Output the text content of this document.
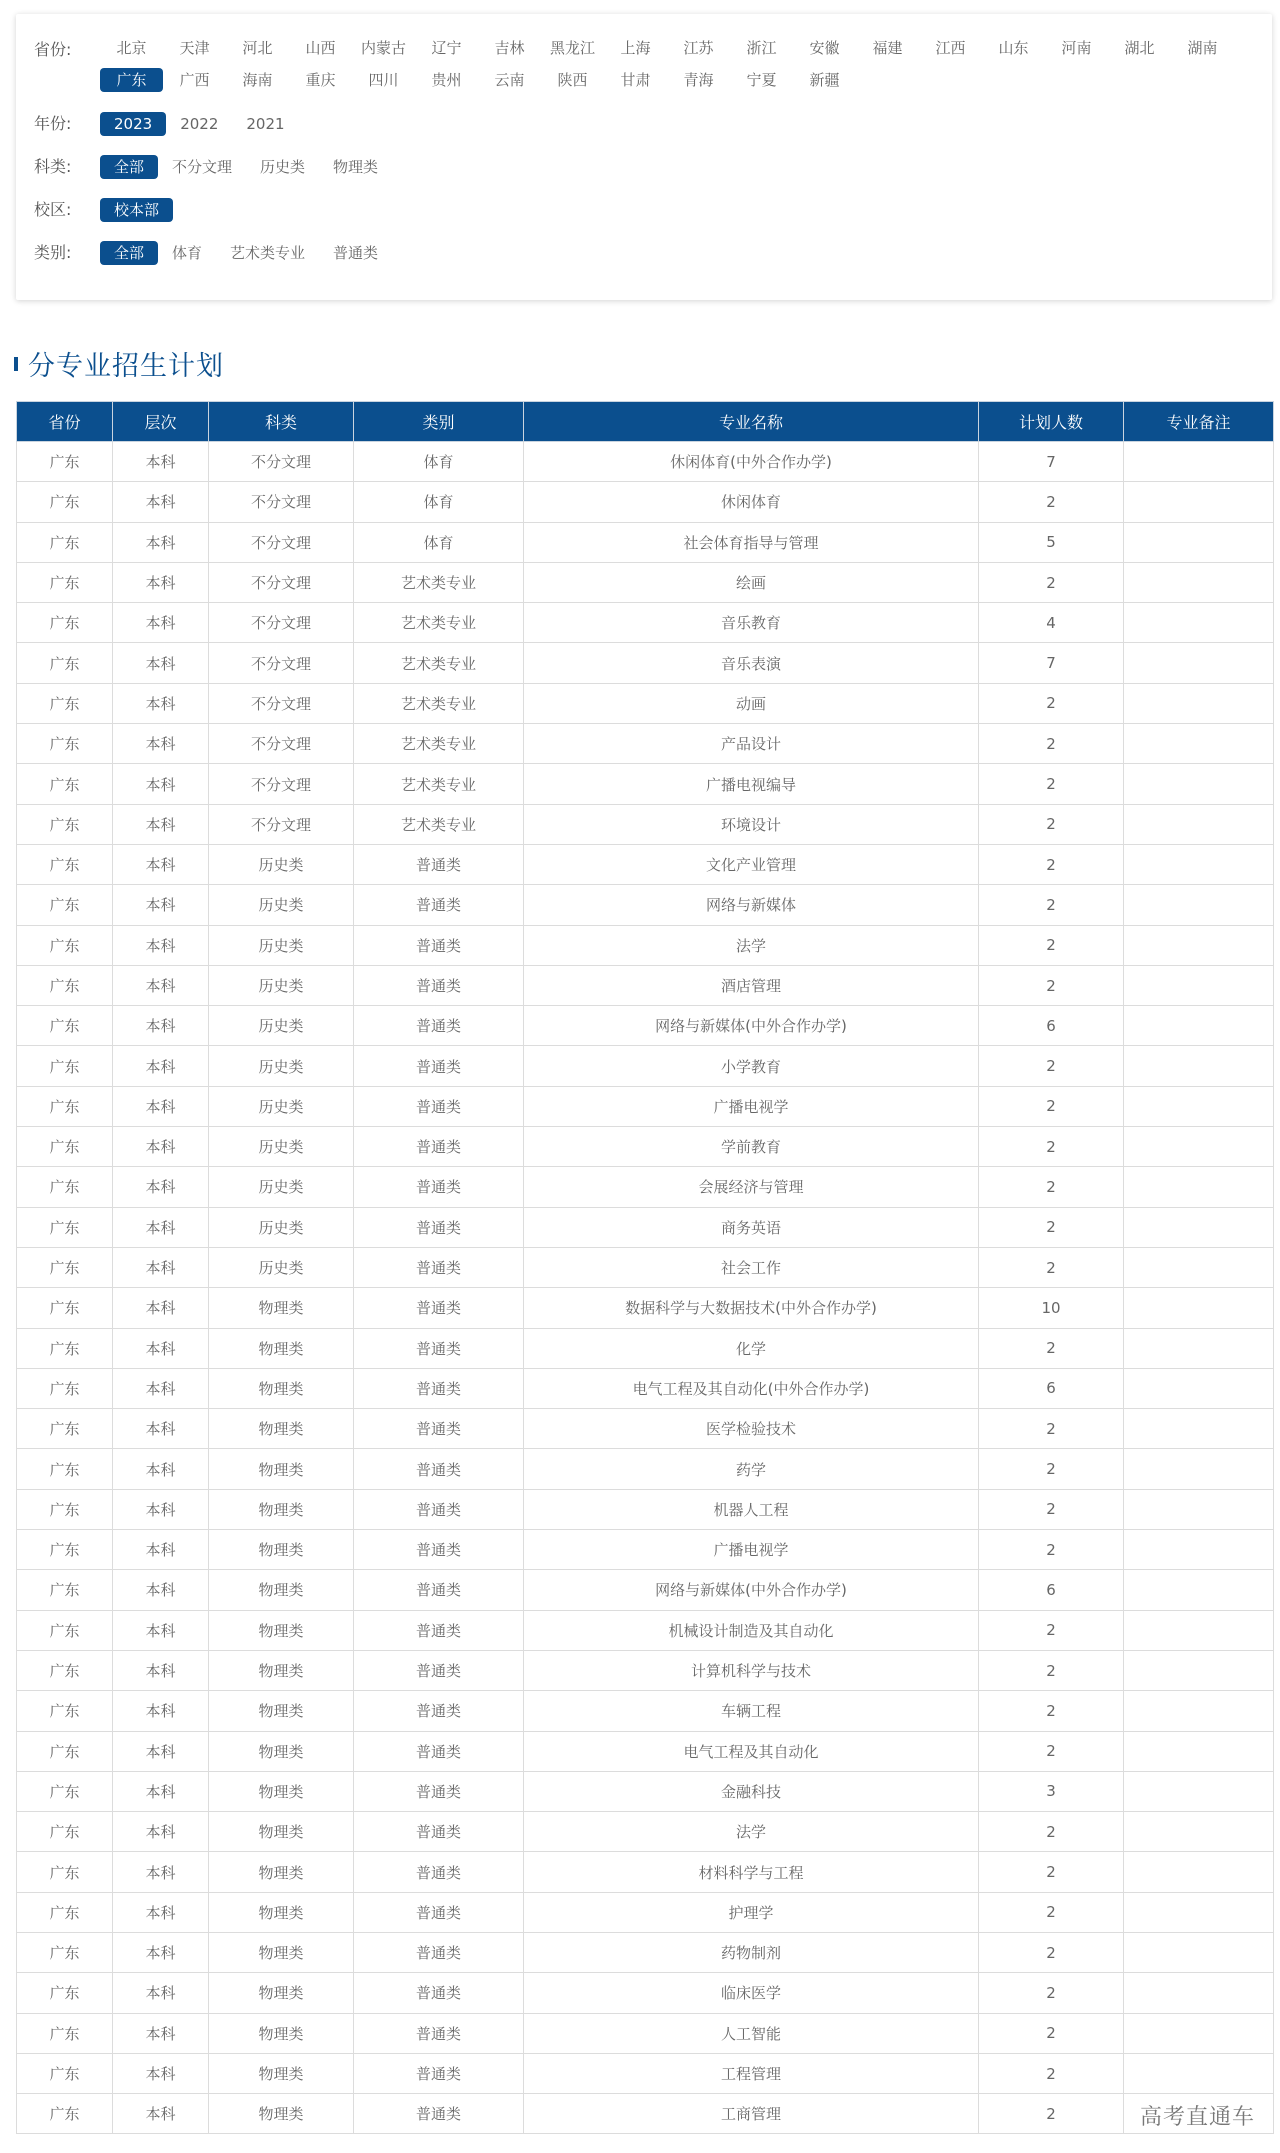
省份:	北京	天津	河北	山西	内蒙古	辽宁	吉林	黑龙江	上海	江苏	浙江	安徽	福建	江西	山东	河南	湖北	湖南
广东	广西	海南	重庆	四川	贵州	云南	陕西	甘肃	青海	宁夏	新疆
年份:	2023	2022	2021
科类:	全部	不分文理	历史类	物理类
校区:	校本部
类别:	全部	体育	艺术类专业	普通类
分专业招生计划
省份	层次	科类	类别	专业名称	计划人数	专业备注
广东	本科	不分文理	体育	休闲体育(中外合作办学)	7	
广东	本科	不分文理	体育	休闲体育	2	
广东	本科	不分文理	体育	社会体育指导与管理	5	
广东	本科	不分文理	艺术类专业	绘画	2	
广东	本科	不分文理	艺术类专业	音乐教育	4	
广东	本科	不分文理	艺术类专业	音乐表演	7	
广东	本科	不分文理	艺术类专业	动画	2	
广东	本科	不分文理	艺术类专业	产品设计	2	
广东	本科	不分文理	艺术类专业	广播电视编导	2	
广东	本科	不分文理	艺术类专业	环境设计	2	
广东	本科	历史类	普通类	文化产业管理	2	
广东	本科	历史类	普通类	网络与新媒体	2	
广东	本科	历史类	普通类	法学	2	
广东	本科	历史类	普通类	酒店管理	2	
广东	本科	历史类	普通类	网络与新媒体(中外合作办学)	6	
广东	本科	历史类	普通类	小学教育	2	
广东	本科	历史类	普通类	广播电视学	2	
广东	本科	历史类	普通类	学前教育	2	
广东	本科	历史类	普通类	会展经济与管理	2	
广东	本科	历史类	普通类	商务英语	2	
广东	本科	历史类	普通类	社会工作	2	
广东	本科	物理类	普通类	数据科学与大数据技术(中外合作办学)	10	
广东	本科	物理类	普通类	化学	2	
广东	本科	物理类	普通类	电气工程及其自动化(中外合作办学)	6	
广东	本科	物理类	普通类	医学检验技术	2	
广东	本科	物理类	普通类	药学	2	
广东	本科	物理类	普通类	机器人工程	2	
广东	本科	物理类	普通类	广播电视学	2	
广东	本科	物理类	普通类	网络与新媒体(中外合作办学)	6	
广东	本科	物理类	普通类	机械设计制造及其自动化	2	
广东	本科	物理类	普通类	计算机科学与技术	2	
广东	本科	物理类	普通类	车辆工程	2	
广东	本科	物理类	普通类	电气工程及其自动化	2	
广东	本科	物理类	普通类	金融科技	3	
广东	本科	物理类	普通类	法学	2	
广东	本科	物理类	普通类	材料科学与工程	2	
广东	本科	物理类	普通类	护理学	2	
广东	本科	物理类	普通类	药物制剂	2	
广东	本科	物理类	普通类	临床医学	2	
广东	本科	物理类	普通类	人工智能	2	
广东	本科	物理类	普通类	工程管理	2	
广东	本科	物理类	普通类	工商管理	2		高考直通车
